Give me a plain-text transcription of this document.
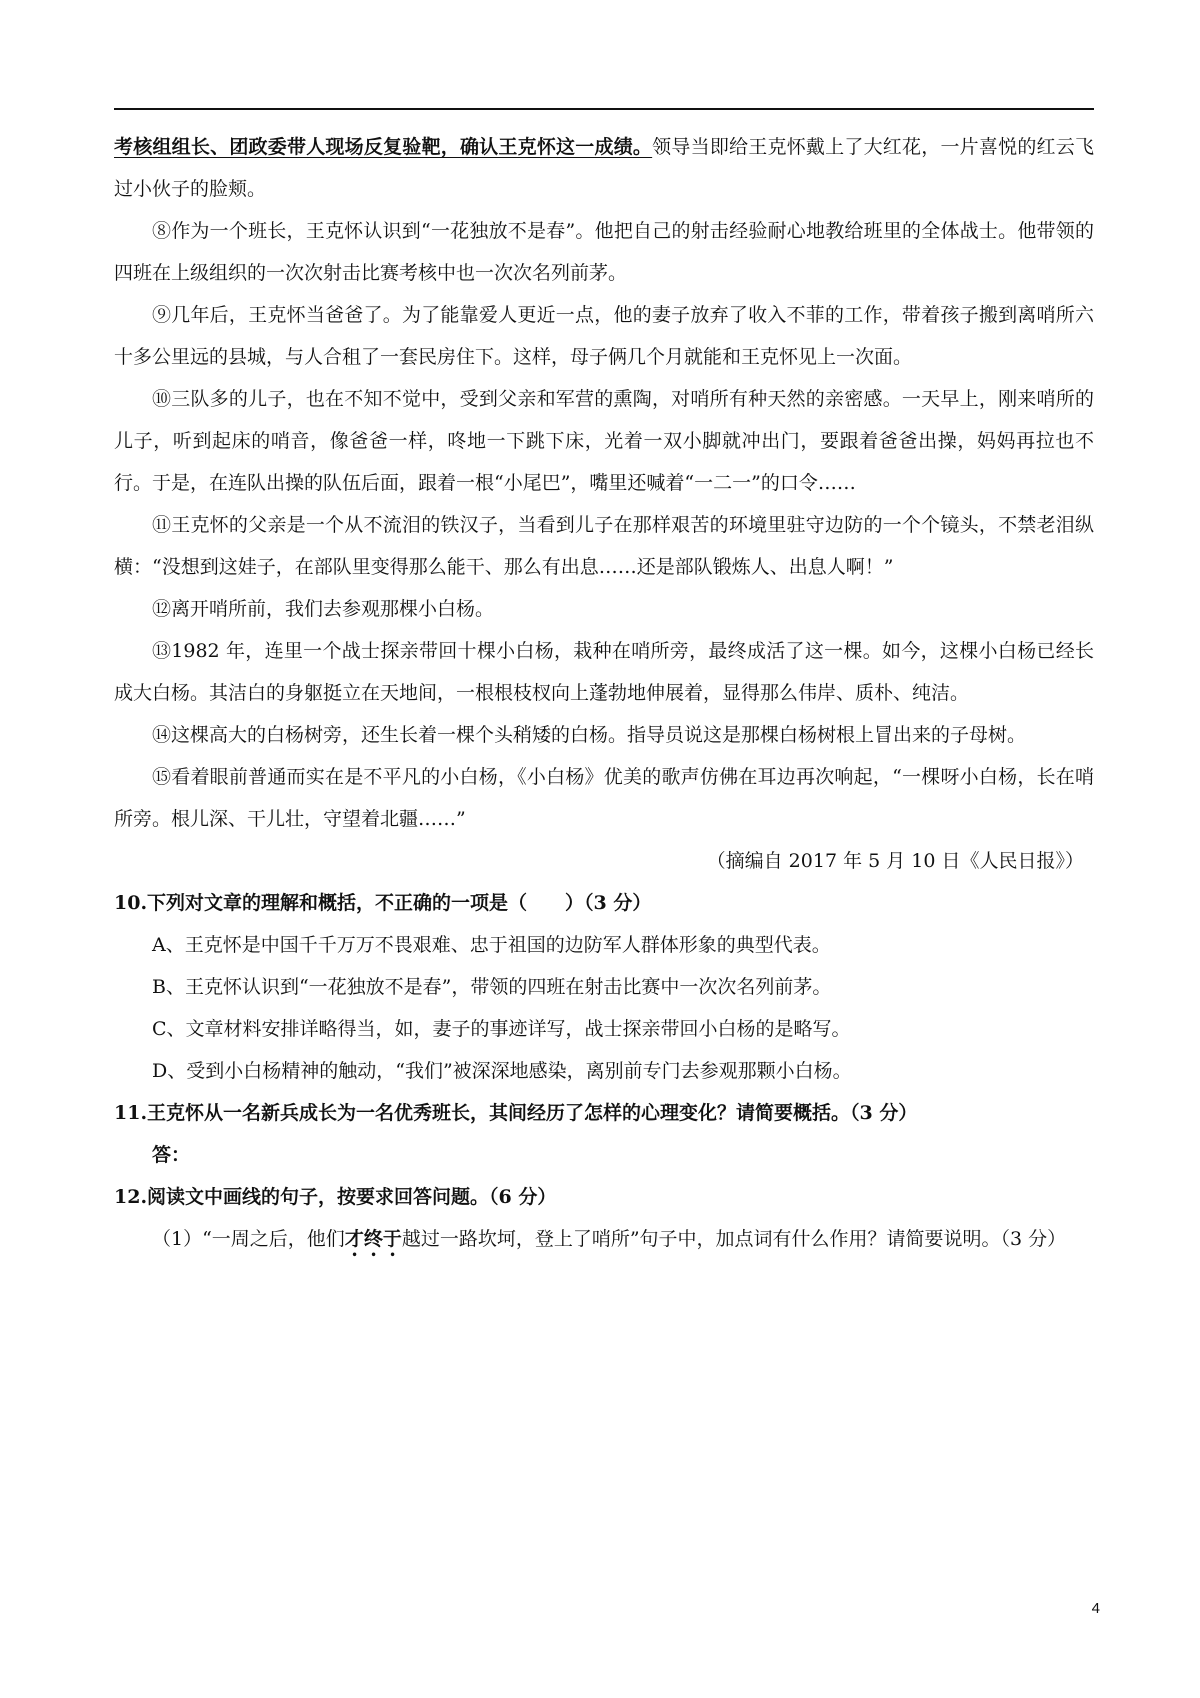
考核组组长、团政委带人现场反复验靶，确认王克怀这一成绩。领导当即给王克怀戴上了大红花，一片喜悦的红云飞过小伙子的脸颊。

⑧作为一个班长，王克怀认识到“一花独放不是春”。他把自己的射击经验耐心地教给班里的全体战士。他带领的四班在上级组织的一次次射击比赛考核中也一次次名列前茅。

⑨几年后，王克怀当爸爸了。为了能靠爱人更近一点，他的妻子放弃了收入不菲的工作，带着孩子搬到离哨所六十多公里远的县城，与人合租了一套民房住下。这样，母子俩几个月就能和王克怀见上一次面。

⑩三队多的儿子，也在不知不觉中，受到父亲和军营的熏陶，对哨所有种天然的亲密感。一天早上，刚来哨所的儿子，听到起床的哨音，像爸爸一样，咚地一下跳下床，光着一双小脚就冲出门，要跟着爸爸出操，妈妈再拉也不行。于是，在连队出操的队伍后面，跟着一根“小尾巴”，嘴里还喊着“一二一”的口令……

⑪王克怀的父亲是一个从不流泪的铁汉子，当看到儿子在那样艰苦的环境里驻守边防的一个个镜头，不禁老泪纵横：“没想到这娃子，在部队里变得那么能干、那么有出息……还是部队锻炼人、出息人啊！”

⑫离开哨所前，我们去参观那棵小白杨。

⑬1982 年，连里一个战士探亲带回十棵小白杨，栽种在哨所旁，最终成活了这一棵。如今，这棵小白杨已经长成大白杨。其洁白的身躯挺立在天地间，一根根枝杈向上蓬勃地伸展着，显得那么伟岸、质朴、纯洁。

⑭这棵高大的白杨树旁，还生长着一棵个头稍矮的白杨。指导员说这是那棵白杨树根上冒出来的子母树。

⑮看着眼前普通而实在是不平凡的小白杨，《小白杨》优美的歌声仿佛在耳边再次响起，“一棵呀小白杨，长在哨所旁。根儿深、干儿壮，守望着北疆……”

（摘编自 2017 年 5 月 10 日《人民日报》）

10.下列对文章的理解和概括，不正确的一项是（　　）（3 分）

A、王克怀是中国千千万万不畏艰难、忠于祖国的边防军人群体形象的典型代表。

B、王克怀认识到“一花独放不是春”，带领的四班在射击比赛中一次次名列前茅。

C、文章材料安排详略得当，如，妻子的事迹详写，战士探亲带回小白杨的是略写。

D、受到小白杨精神的触动，“我们”被深深地感染，离别前专门去参观那颗小白杨。

11.王克怀从一名新兵成长为一名优秀班长，其间经历了怎样的心理变化？请简要概括。（3 分）

答：

12.阅读文中画线的句子，按要求回答问题。（6 分）

（1）“一周之后，他们才终于越过一路坎坷，登上了哨所”句子中，加点词有什么作用？请简要说明。（3 分）

4
